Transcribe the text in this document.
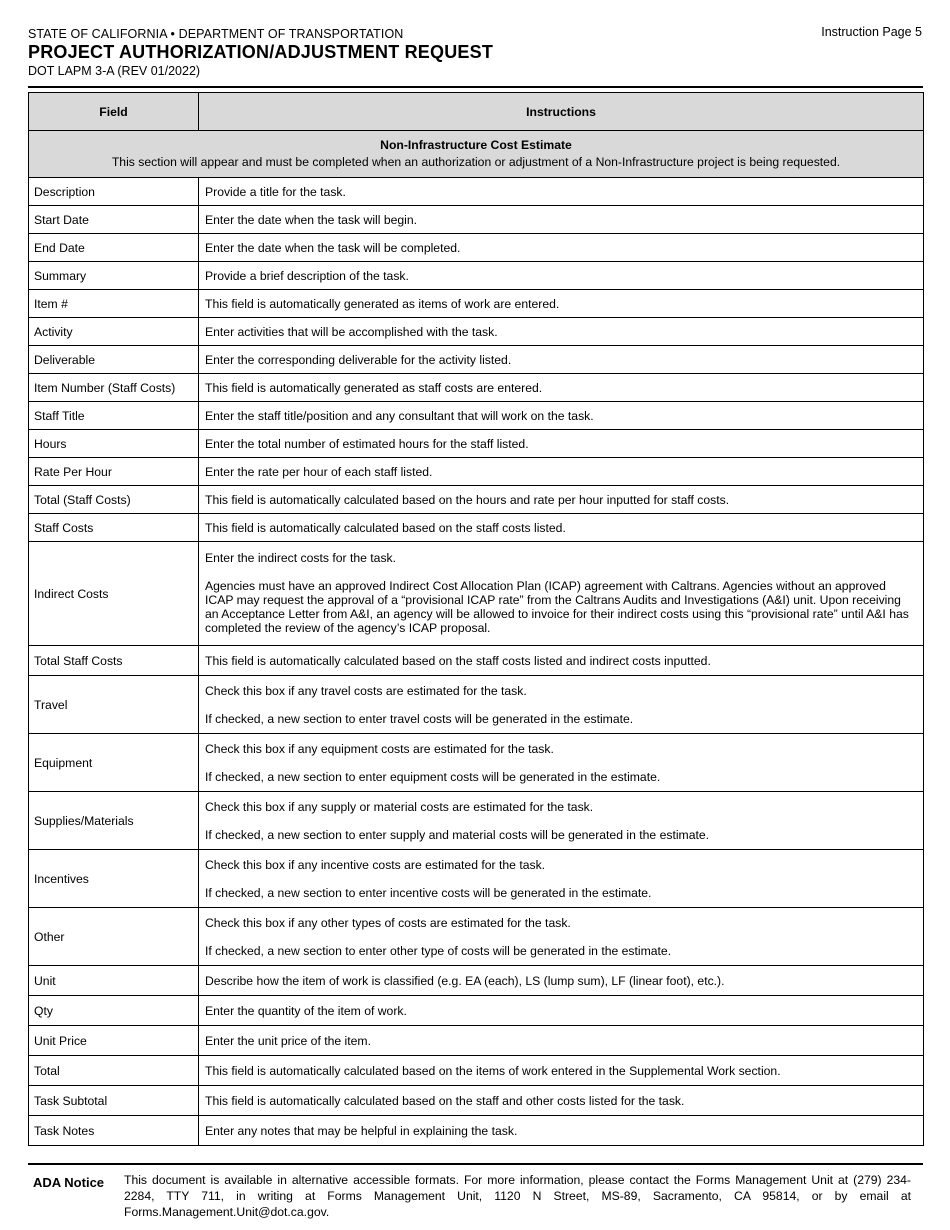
STATE OF CALIFORNIA • DEPARTMENT OF TRANSPORTATION
PROJECT AUTHORIZATION/ADJUSTMENT REQUEST
DOT LAPM 3-A (REV 01/2022)
Instruction Page 5
Field	Instructions

Non-Infrastructure Cost Estimate
This section will appear and must be completed when an authorization or adjustment of a Non-Infrastructure project is being requested.	

Description	Provide a title for the task.
Start Date	Enter the date when the task will begin.
End Date	Enter the date when the task will be completed.
Summary	Provide a brief description of the task.
Item #	This field is automatically generated as items of work are entered.
Activity	Enter activities that will be accomplished with the task.
Deliverable	Enter the corresponding deliverable for the activity listed.
Item Number (Staff Costs)	This field is automatically generated as staff costs are entered.
Staff Title	Enter the staff title/position and any consultant that will work on the task.
Hours	Enter the total number of estimated hours for the staff listed.
Rate Per Hour	Enter the rate per hour of each staff listed.
Total (Staff Costs)	This field is automatically calculated based on the hours and rate per hour inputted for staff costs.
Staff Costs	This field is automatically calculated based on the staff costs listed.
Indirect Costs	Enter the indirect costs for the task.
Agencies must have an approved Indirect Cost Allocation Plan (ICAP) agreement with Caltrans. Agencies without an approved ICAP may request the approval of a “provisional ICAP rate” from the Caltrans Audits and Investigations (A&I) unit. Upon receiving an Acceptance Letter from A&I, an agency will be allowed to invoice for their indirect costs using this “provisional rate” until A&I has completed the review of the agency’s ICAP proposal.

Total Staff Costs	This field is automatically calculated based on the staff costs listed and indirect costs inputted.
Travel	Check this box if any travel costs are estimated for the task.
If checked, a new section to enter travel costs will be generated in the estimate.

Equipment	Check this box if any equipment costs are estimated for the task.
If checked, a new section to enter equipment costs will be generated in the estimate.

Supplies/Materials	Check this box if any supply or material costs are estimated for the task.
If checked, a new section to enter supply and material costs will be generated in the estimate.

Incentives	Check this box if any incentive costs are estimated for the task.
If checked, a new section to enter incentive costs will be generated in the estimate.

Other	Check this box if any other types of costs are estimated for the task.
If checked, a new section to enter other type of costs will be generated in the estimate.

Unit	Describe how the item of work is classified (e.g. EA (each), LS (lump sum), LF (linear foot), etc.).
Qty	Enter the quantity of the item of work.
Unit Price	Enter the unit price of the item.
Total	This field is automatically calculated based on the items of work entered in the Supplemental Work section.
Task Subtotal	This field is automatically calculated based on the staff and other costs listed for the task.
Task Notes	Enter any notes that may be helpful in explaining the task.
ADA Notice This document is available in alternative accessible formats. For more information, please contact the Forms Management Unit at (279) 234-2284, TTY 711, in writing at Forms Management Unit, 1120 N Street, MS-89, Sacramento, CA 95814, or by email at Forms.Management.Unit@dot.ca.gov.
